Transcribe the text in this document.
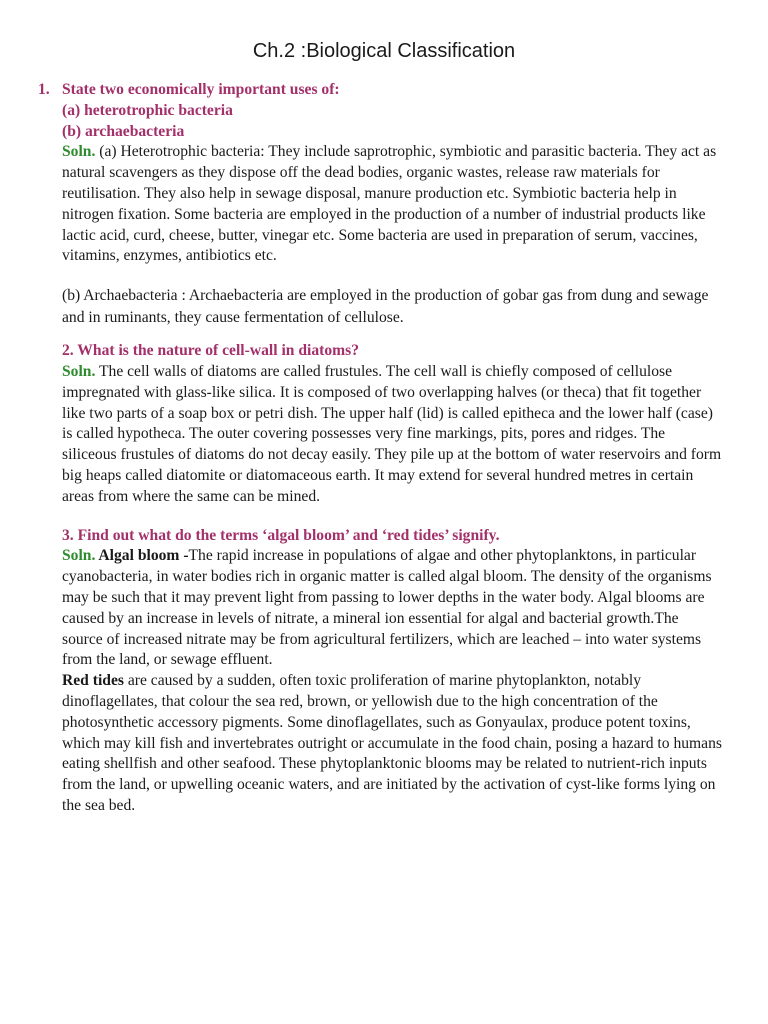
Ch.2 :Biological Classification
1. State two economically important uses of:

(a) heterotrophic bacteria

(b) archaebacteria

Soln. (a) Heterotrophic bacteria: They include saprotrophic, symbiotic and parasitic bacteria. They act as natural scavengers as they dispose off the dead bodies, organic wastes, release raw materials for reutilisation. They also help in sewage disposal, manure production etc. Symbiotic bacteria help in nitrogen fixation. Some bacteria are employed in the production of a number of industrial products like lactic acid, curd, cheese, butter, vinegar etc. Some bacteria are used in preparation of serum, vaccines, vitamins, enzymes, antibiotics etc.

(b) Archaebacteria : Archaebacteria are employed in the production of gobar gas from dung and sewage and in ruminants, they cause fermentation of cellulose.

2. What is the nature of cell-wall in diatoms?

Soln. The cell walls of diatoms are called frustules. The cell wall is chiefly composed of cellulose impregnated with glass-like silica. It is composed of two overlapping halves (or theca) that fit together like two parts of a soap box or petri dish. The upper half (lid) is called epitheca and the lower half (case) is called hypotheca. The outer covering possesses very fine markings, pits, pores and ridges. The siliceous frustules of diatoms do not decay easily. They pile up at the bottom of water reservoirs and form big heaps called diatomite or diatomaceous earth. It may extend for several hundred metres in certain areas from where the same can be mined.

3. Find out what do the terms ‘algal bloom’ and ‘red tides’ signify.

Soln. Algal bloom -The rapid increase in populations of algae and other phytoplanktons, in particular cyanobacteria, in water bodies rich in organic matter is called algal bloom. The density of the organisms may be such that it may prevent light from passing to lower depths in the water body. Algal blooms are caused by an increase in levels of nitrate, a mineral ion essential for algal and bacterial growth.The source of increased nitrate may be from agricultural fertilizers, which are leached – into water systems from the land, or sewage effluent.

Red tides are caused by a sudden, often toxic proliferation of marine phytoplankton, notably dinoflagellates, that colour the sea red, brown, or yellowish due to the high concentration of the photosynthetic accessory pigments. Some dinoflagellates, such as Gonyaulax, produce potent toxins, which may kill fish and invertebrates outright or accumulate in the food chain, posing a hazard to humans eating shellfish and other seafood. These phytoplanktonic blooms may be related to nutrient-rich inputs from the land, or upwelling oceanic waters, and are initiated by the activation of cyst-like forms lying on the sea bed.
